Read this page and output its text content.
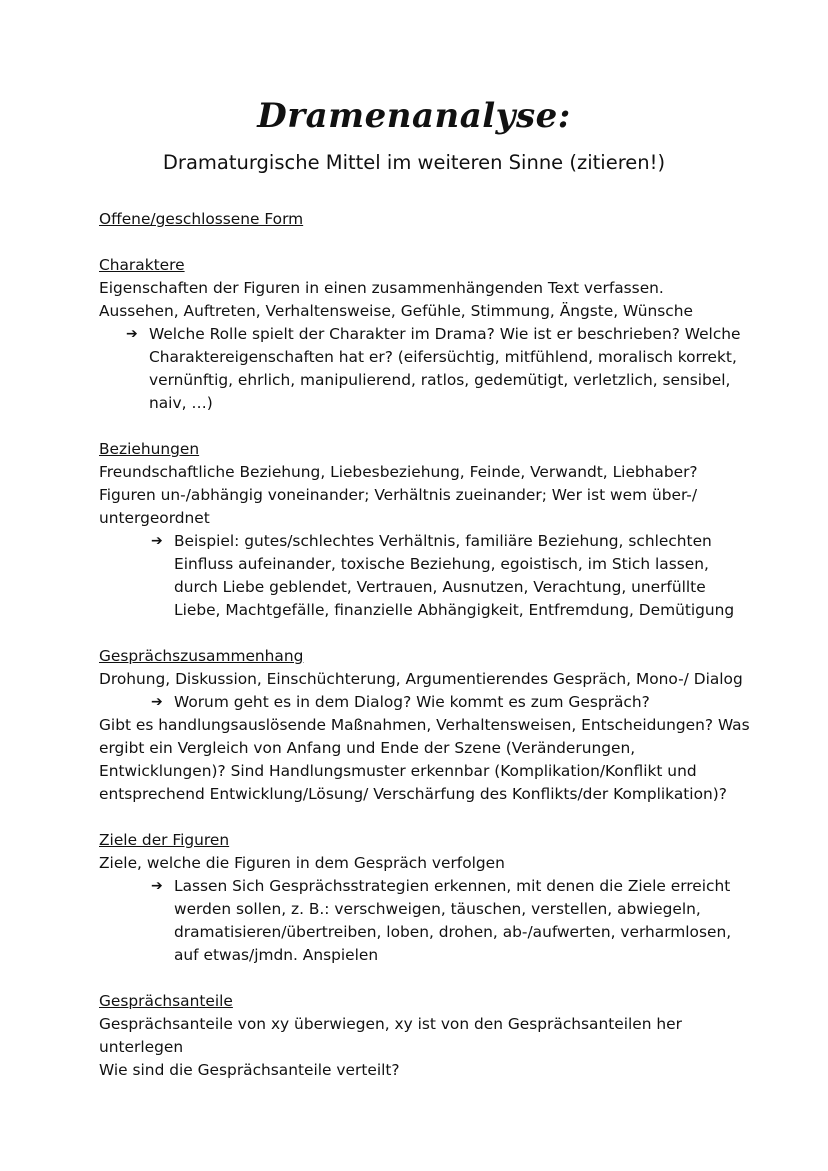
Dramenanalyse:
Dramaturgische Mittel im weiteren Sinne (zitieren!)

Offene/geschlossene Form

Charaktere

Eigenschaften der Figuren in einen zusammenhängenden Text verfassen.

Aussehen, Auftreten, Verhaltensweise, Gefühle, Stimmung, Ängste, Wünsche

➔ Welche Rolle spielt der Charakter im Drama? Wie ist er beschrieben? Welche
Charaktereigenschaften hat er? (eifersüchtig, mitfühlend, moralisch korrekt,
vernünftig, ehrlich, manipulierend, ratlos, gedemütigt, verletzlich, sensibel,
naiv, …)

Beziehungen

Freundschaftliche Beziehung, Liebesbeziehung, Feinde, Verwandt, Liebhaber?

Figuren un-/abhängig voneinander; Verhältnis zueinander; Wer ist wem über-/

untergeordnet

➔ Beispiel: gutes/schlechtes Verhältnis, familiäre Beziehung, schlechten
Einfluss aufeinander, toxische Beziehung, egoistisch, im Stich lassen,
durch Liebe geblendet, Vertrauen, Ausnutzen, Verachtung, unerfüllte
Liebe, Machtgefälle, finanzielle Abhängigkeit, Entfremdung, Demütigung

Gesprächszusammenhang

Drohung, Diskussion, Einschüchterung, Argumentierendes Gespräch, Mono-/ Dialog

➔ Worum geht es in dem Dialog? Wie kommt es zum Gespräch?

Gibt es handlungsauslösende Maßnahmen, Verhaltensweisen, Entscheidungen? Was

ergibt ein Vergleich von Anfang und Ende der Szene (Veränderungen,

Entwicklungen)? Sind Handlungsmuster erkennbar (Komplikation/Konflikt und

entsprechend Entwicklung/Lösung/ Verschärfung des Konflikts/der Komplikation)?

Ziele der Figuren

Ziele, welche die Figuren in dem Gespräch verfolgen

➔ Lassen Sich Gesprächsstrategien erkennen, mit denen die Ziele erreicht
werden sollen, z. B.: verschweigen, täuschen, verstellen, abwiegeln,
dramatisieren/übertreiben, loben, drohen, ab-/aufwerten, verharmlosen,
auf etwas/jmdn. Anspielen

Gesprächsanteile

Gesprächsanteile von xy überwiegen, xy ist von den Gesprächsanteilen her

unterlegen

Wie sind die Gesprächsanteile verteilt?
